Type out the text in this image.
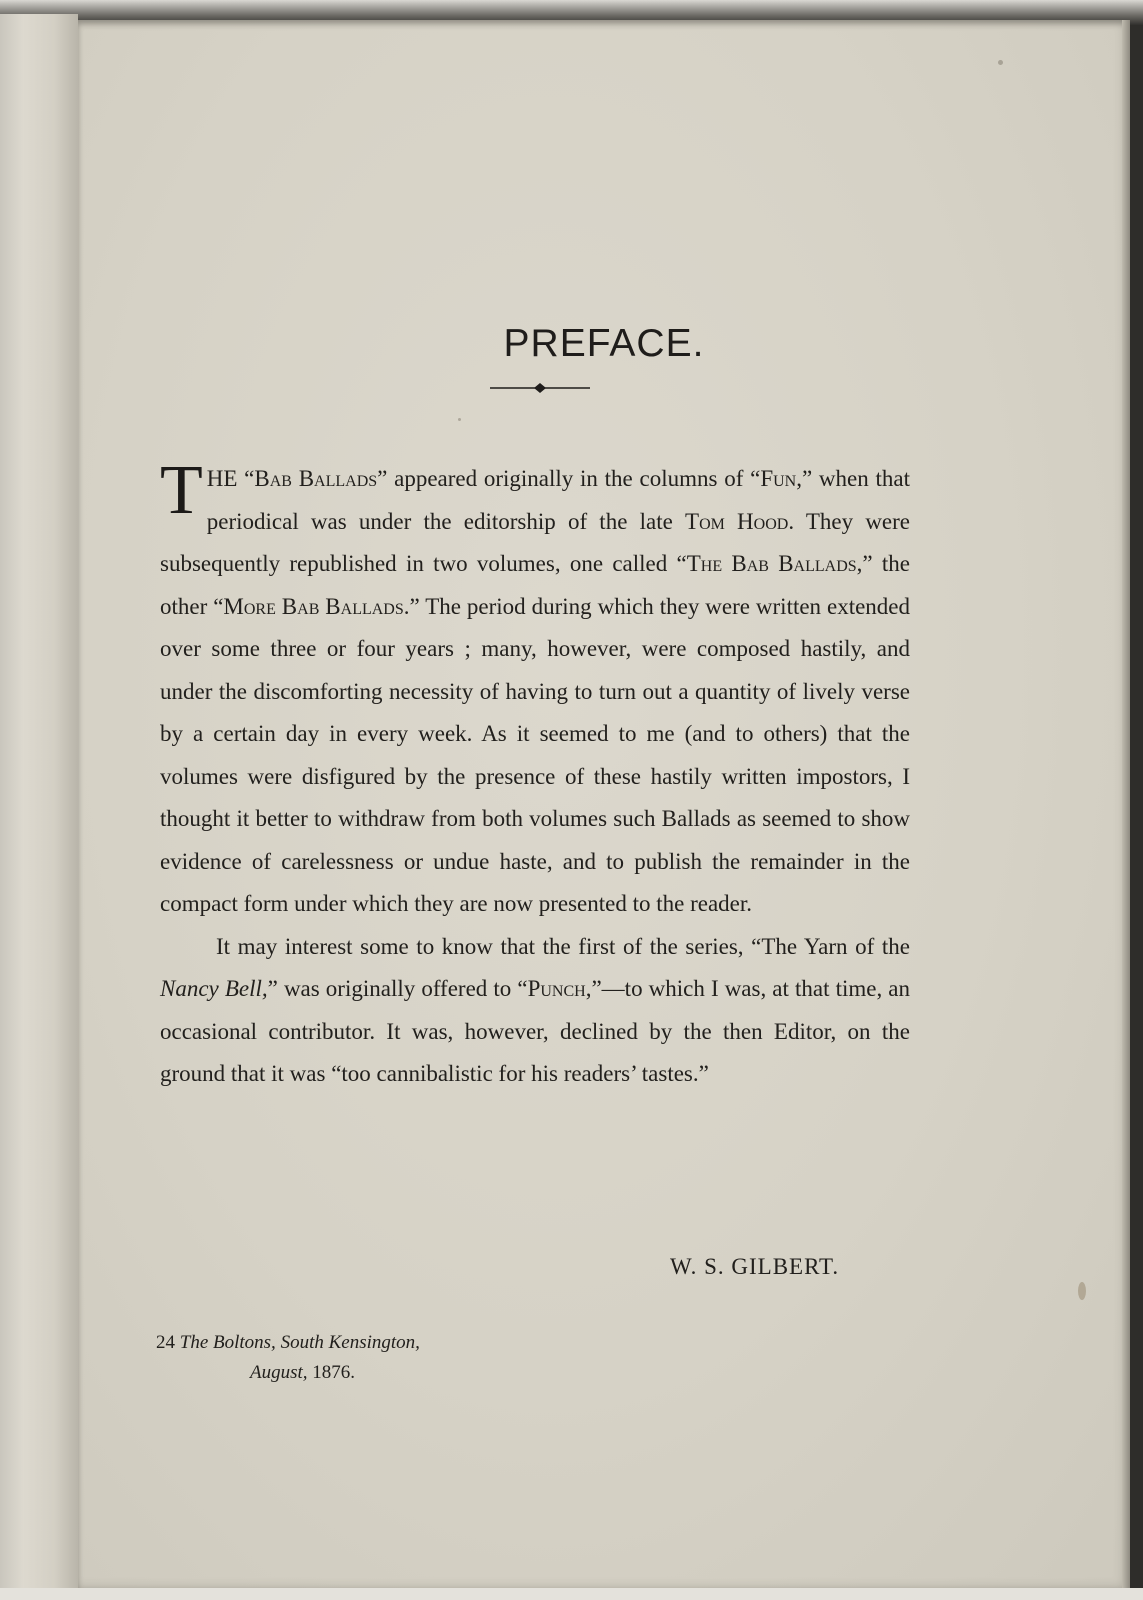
PREFACE.

THE “Bab Ballads” appeared originally in the columns of “Fun,” when that periodical was under the editorship of the late Tom Hood. They were subsequently republished in two volumes, one called “The Bab Ballads,” the other “More Bab Ballads.” The period during which they were written extended over some three or four years ; many, however, were composed hastily, and under the discomforting necessity of having to turn out a quantity of lively verse by a certain day in every week. As it seemed to me (and to others) that the volumes were disfigured by the presence of these hastily written impostors, I thought it better to withdraw from both volumes such Ballads as seemed to show evidence of carelessness or undue haste, and to publish the remainder in the compact form under which they are now presented to the reader.

It may interest some to know that the first of the series, “The Yarn of the Nancy Bell,” was originally offered to “Punch,”—to which I was, at that time, an occasional contributor. It was, however, declined by the then Editor, on the ground that it was “too cannibalistic for his readers’ tastes.”

W. S. GILBERT.
24 The Boltons, South Kensington,
August, 1876.
